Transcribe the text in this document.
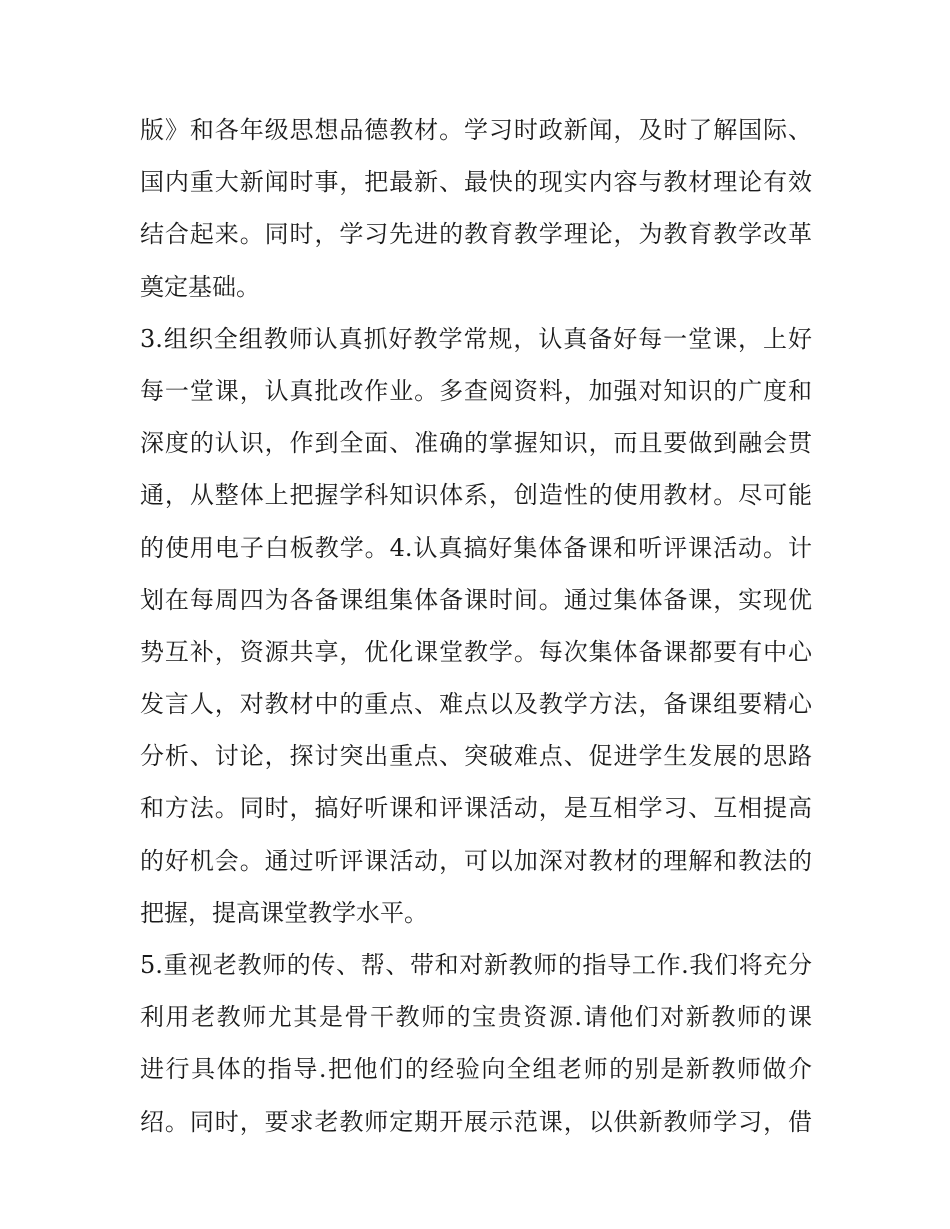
版》和各年级思想品德教材。学习时政新闻，及时了解国际、
国内重大新闻时事，把最新、最快的现实内容与教材理论有效
结合起来。同时，学习先进的教育教学理论，为教育教学改革
奠定基础。
3.组织全组教师认真抓好教学常规，认真备好每一堂课，上好
每一堂课，认真批改作业。多查阅资料，加强对知识的广度和
深度的认识，作到全面、准确的掌握知识，而且要做到融会贯
通，从整体上把握学科知识体系，创造性的使用教材。尽可能
的使用电子白板教学。4.认真搞好集体备课和听评课活动。计
划在每周四为各备课组集体备课时间。通过集体备课，实现优
势互补，资源共享，优化课堂教学。每次集体备课都要有中心
发言人，对教材中的重点、难点以及教学方法，备课组要精心
分析、讨论，探讨突出重点、突破难点、促进学生发展的思路
和方法。同时，搞好听课和评课活动，是互相学习、互相提高
的好机会。通过听评课活动，可以加深对教材的理解和教法的
把握，提高课堂教学水平。
5.重视老教师的传、帮、带和对新教师的指导工作.我们将充分
利用老教师尤其是骨干教师的宝贵资源.请他们对新教师的课
进行具体的指导.把他们的经验向全组老师的别是新教师做介
绍。同时，要求老教师定期开展示范课，以供新教师学习，借
